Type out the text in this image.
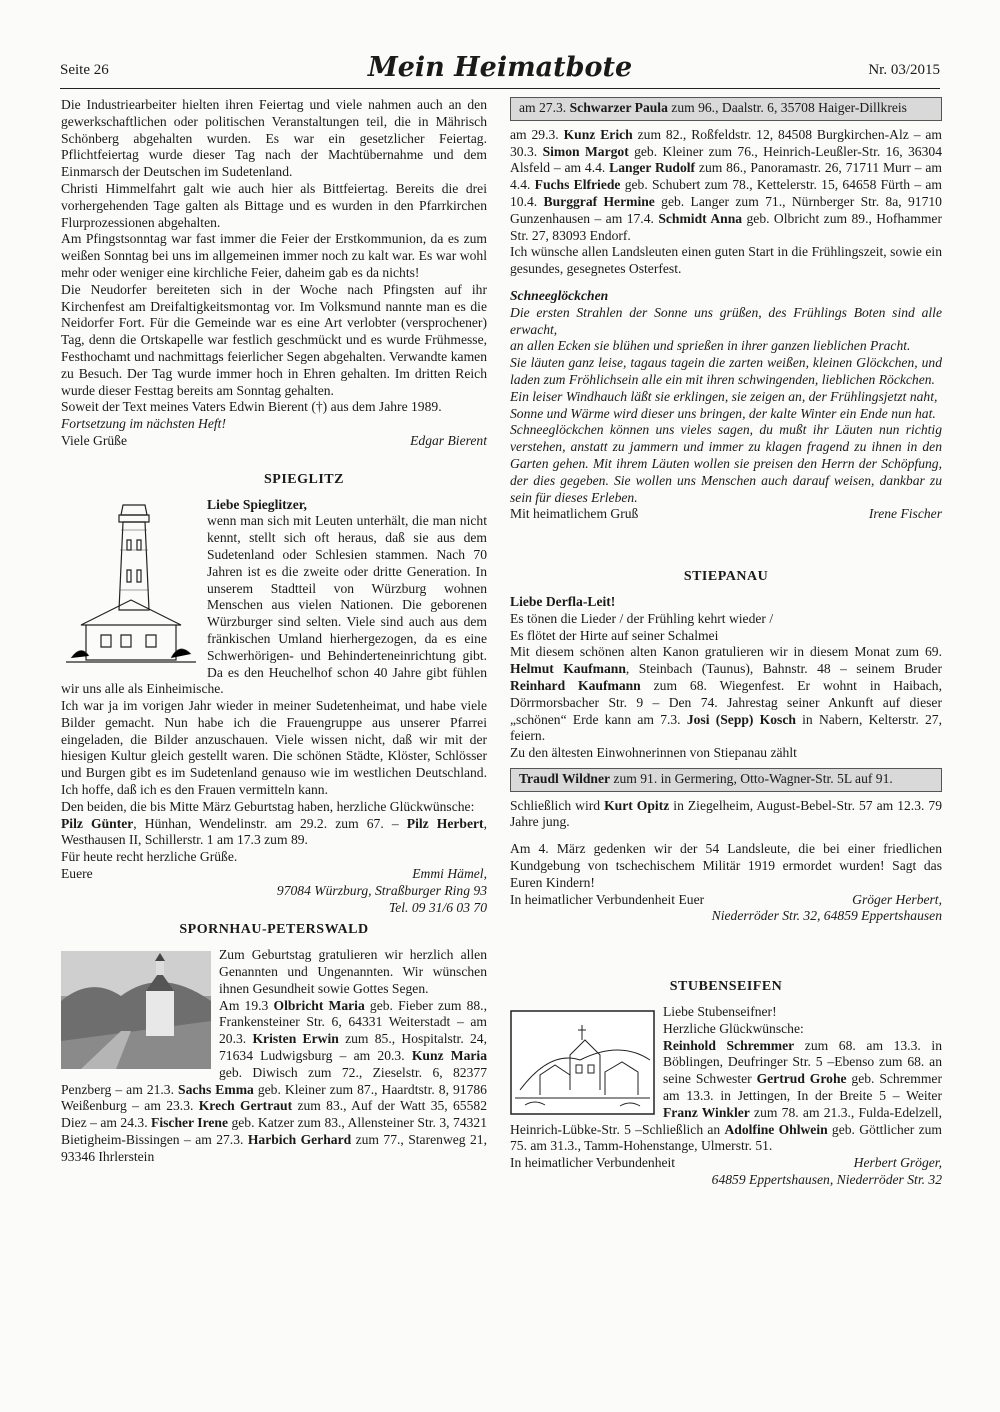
Seite 26	Mein Heimatbote	Nr. 03/2015

Die Industriearbeiter hielten ihren Feiertag und viele nahmen auch an den gewerkschaftlichen oder politischen Veranstaltungen teil, die in Mährisch Schönberg abgehalten wurden. Es war ein gesetzlicher Feiertag. Pflichtfeiertag wurde dieser Tag nach der Machtübernahme und dem Einmarsch der Deutschen im Sudetenland.

Christi Himmelfahrt galt wie auch hier als Bittfeiertag. Bereits die drei vorhergehenden Tage galten als Bittage und es wurden in den Pfarrkirchen Flurprozessionen abgehalten.

Am Pfingstsonntag war fast immer die Feier der Erstkommunion, da es zum weißen Sonntag bei uns im allgemeinen immer noch zu kalt war. Es war wohl mehr oder weniger eine kirchliche Feier, daheim gab es da nichts!

Die Neudorfer bereiteten sich in der Woche nach Pfingsten auf ihr Kirchenfest am Dreifaltigkeitsmontag vor. Im Volksmund nannte man es die Neidorfer Fort. Für die Gemeinde war es eine Art verlobter (versprochener) Tag, denn die Ortskapelle war festlich geschmückt und es wurde Frühmesse, Festhochamt und nachmittags feierlicher Segen abgehalten. Verwandte kamen zu Besuch. Der Tag wurde immer hoch in Ehren gehalten. Im dritten Reich wurde dieser Festtag bereits am Sonntag gehalten.

Soweit der Text meines Vaters Edwin Bierent (†) aus dem Jahre 1989.

Fortsetzung im nächsten Heft!

Viele Grüße	Edgar Bierent
SPIEGLITZ

Liebe Spieglitzer,

wenn man sich mit Leuten unterhält, die man nicht kennt, stellt sich oft heraus, daß sie aus dem Sudetenland oder Schlesien stammen. Nach 70 Jahren ist es die zweite oder dritte Generation. In unserem Stadtteil von Würzburg wohnen Menschen aus vielen Nationen. Die geborenen Würzburger sind selten. Viele sind auch aus dem fränkischen Umland hierhergezogen, da es eine Schwerhörigen- und Behinderteneinrichtung gibt. Da es den Heuchelhof schon 40 Jahre gibt fühlen wir uns alle als Einheimische.

Ich war ja im vorigen Jahr wieder in meiner Sudetenheimat, und habe viele Bilder gemacht. Nun habe ich die Frauengruppe aus unserer Pfarrei eingeladen, die Bilder anzuschauen. Viele wissen nicht, daß wir mit der hiesigen Kultur gleich gestellt waren. Die schönen Städte, Klöster, Schlösser und Burgen gibt es im Sudetenland genauso wie im westlichen Deutschland. Ich hoffe, daß ich es den Frauen vermitteln kann.

Den beiden, die bis Mitte März Geburtstag haben, herzliche Glückwünsche:

Pilz Günter, Hünhan, Wendelinstr. am 29.2. zum 67. – Pilz Herbert, Westhausen II, Schillerstr. 1 am 17.3 zum 89.

Für heute recht herzliche Grüße.

Euere	Emmi Hämel,

97084 Würzburg, Straßburger Ring 93

Tel. 09 31/6 03 70

SPORNHAU-PETERSWALD

Zum Geburtstag gratulieren wir herzlich allen Genannten und Ungenannten. Wir wünschen ihnen Gesundheit sowie Gottes Segen.

Am 19.3 Olbricht Maria geb. Fieber zum 88., Frankensteiner Str. 6, 64331 Weiterstadt – am 20.3. Kristen Erwin zum 85., Hospitalstr. 24, 71634 Ludwigsburg – am 20.3. Kunz Maria geb. Diwisch zum 72., Zieselstr. 6, 82377 Penzberg – am 21.3. Sachs Emma geb. Kleiner zum 87., Haardtstr. 8, 91786 Weißenburg – am 23.3. Krech Gertraut zum 83., Auf der Watt 35, 65582 Diez – am 24.3. Fischer Irene geb. Katzer zum 83., Allensteiner Str. 3, 74321 Bietigheim-Bissingen – am 27.3. Harbich Gerhard zum 77., Starenweg 21, 93346 Ihrlerstein

am 27.3. Schwarzer Paula zum 96., Daalstr. 6, 35708 Haiger-Dillkreis

am 29.3. Kunz Erich zum 82., Roßfeldstr. 12, 84508 Burgkirchen-Alz – am 30.3. Simon Margot geb. Kleiner zum 76., Heinrich-Leußler-Str. 16, 36304 Alsfeld – am 4.4. Langer Rudolf zum 86., Panoramastr. 26, 71711 Murr – am 4.4. Fuchs Elfriede geb. Schubert zum 78., Kettelerstr. 15, 64658 Fürth – am 10.4. Burggraf Hermine geb. Langer zum 71., Nürnberger Str. 8a, 91710 Gunzenhausen – am 17.4. Schmidt Anna geb. Olbricht zum 89., Hofhammer Str. 27, 83093 Endorf.

Ich wünsche allen Landsleuten einen guten Start in die Frühlingszeit, sowie ein gesundes, gesegnetes Osterfest.

Schneeglöckchen

Die ersten Strahlen der Sonne uns grüßen, des Frühlings Boten sind alle erwacht,

an allen Ecken sie blühen und sprießen in ihrer ganzen lieblichen Pracht.

Sie läuten ganz leise, tagaus tagein die zarten weißen, kleinen Glöckchen, und laden zum Fröhlichsein alle ein mit ihren schwingenden, lieblichen Röckchen.

Ein leiser Windhauch läßt sie erklingen, sie zeigen an, der Frühlingsjetzt naht,

Sonne und Wärme wird dieser uns bringen, der kalte Winter ein Ende nun hat.

Schneeglöckchen können uns vieles sagen, du mußt ihr Läuten nun richtig verstehen, anstatt zu jammern und immer zu klagen fragend zu ihnen in den Garten gehen. Mit ihrem Läuten wollen sie preisen den Herrn der Schöpfung, der dies gegeben. Sie wollen uns Menschen auch darauf weisen, dankbar zu sein für dieses Erleben.

Mit heimatlichem Gruß	Irene Fischer
STIEPANAU

Liebe Derfla-Leit!

Es tönen die Lieder / der Frühling kehrt wieder /

Es flötet der Hirte auf seiner Schalmei

Mit diesem schönen alten Kanon gratulieren wir in diesem Monat zum 69. Helmut Kaufmann, Steinbach (Taunus), Bahnstr. 48 – seinem Bruder Reinhard Kaufmann zum 68. Wiegenfest. Er wohnt in Haibach, Dörrmorsbacher Str. 9 – Den 74. Jahrestag seiner Ankunft auf dieser „schönen“ Erde kann am 7.3. Josi (Sepp) Kosch in Nabern, Kelterstr. 27, feiern.

Zu den ältesten Einwohnerinnen von Stiepanau zählt

Traudl Wildner zum 91. in Germering, Otto-Wagner-Str. 5L auf 91.

Schließlich wird Kurt Opitz in Ziegelheim, August-Bebel-Str. 57 am 12.3. 79 Jahre jung.

Am 4. März gedenken wir der 54 Landsleute, die bei einer friedlichen Kundgebung von tschechischem Militär 1919 ermordet wurden! Sagt das Euren Kindern!

In heimatlicher Verbundenheit Euer	Gröger Herbert,

Niederröder Str. 32, 64859 Eppertshausen

STUBENSEIFEN

Liebe Stubenseifner!

Herzliche Glückwünsche:

Reinhold Schremmer zum 68. am 13.3. in Böblingen, Deufringer Str. 5 –Ebenso zum 68. an seine Schwester Gertrud Grohe geb. Schremmer am 13.3. in Jettingen, In der Breite 5 – Weiter Franz Winkler zum 78. am 21.3., Fulda-Edelzell, Heinrich-Lübke-Str. 5 –Schließlich an Adolfine Ohlwein geb. Göttlicher zum 75. am 31.3., Tamm-Hohenstange, Ulmerstr. 51.

In heimatlicher Verbundenheit	Herbert Gröger,

64859 Eppertshausen, Niederröder Str. 32
